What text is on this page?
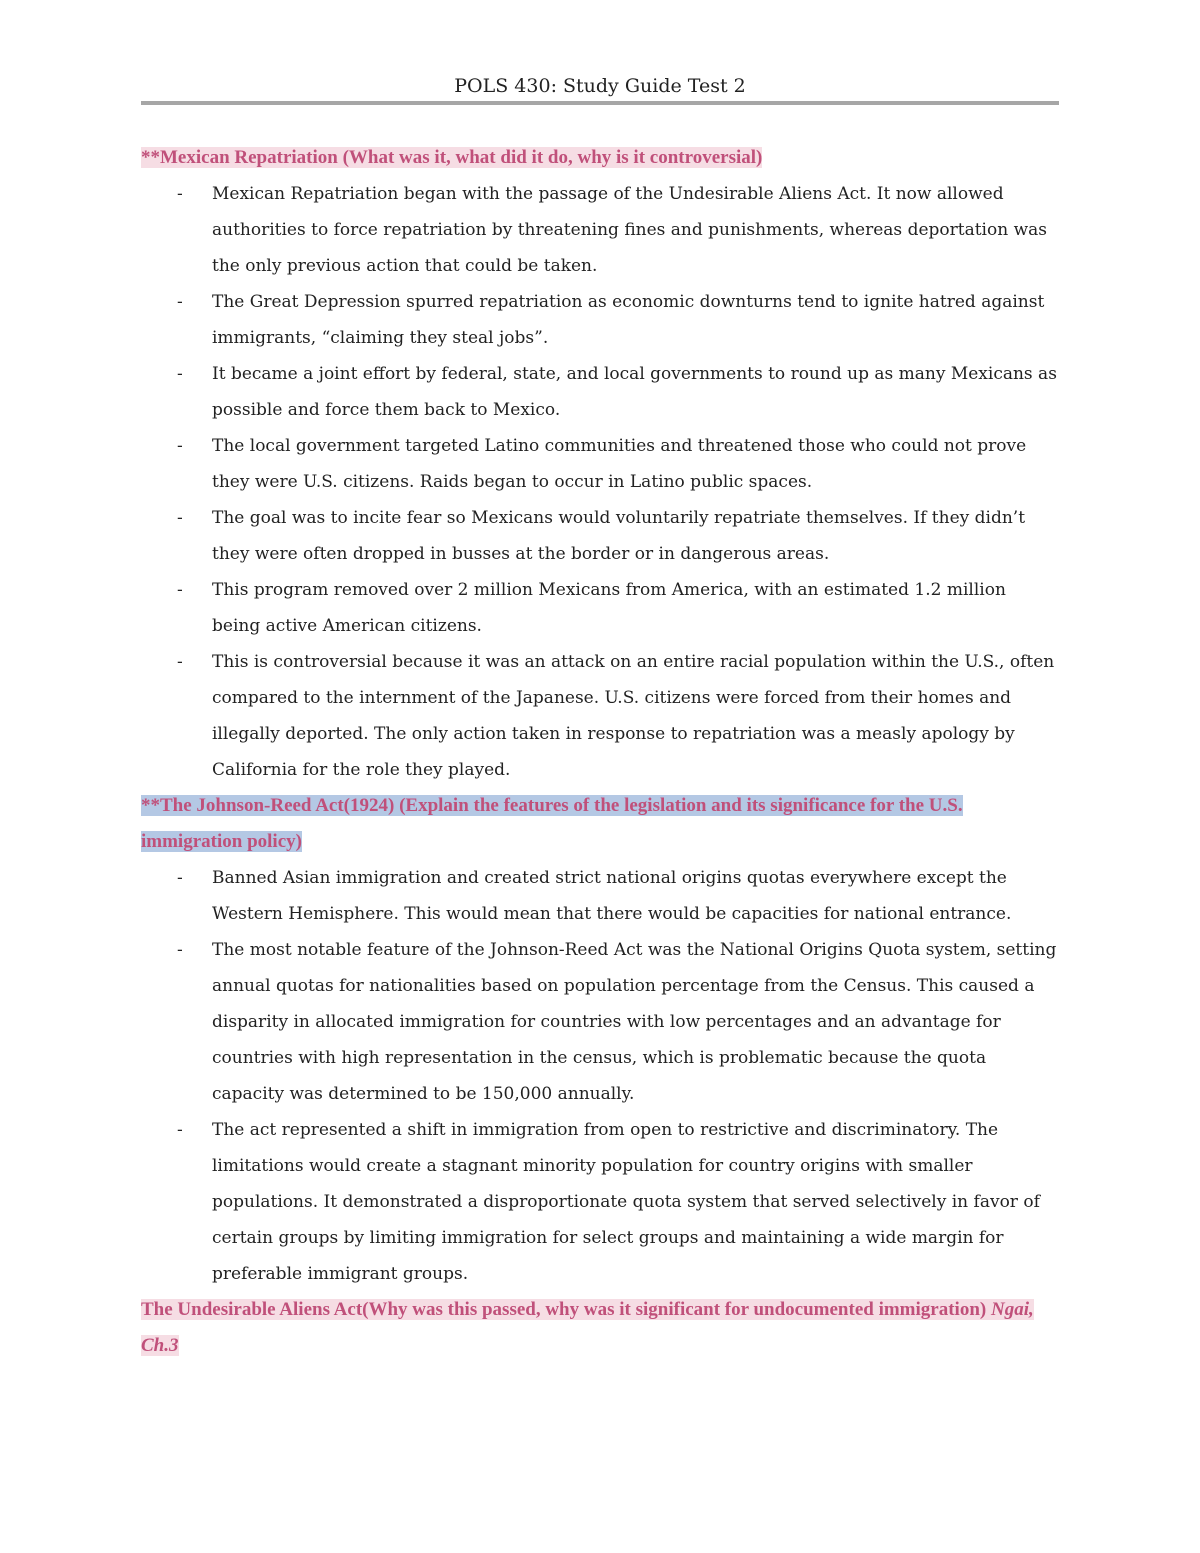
POLS 430: Study Guide Test 2
**Mexican Repatriation (What was it, what did it do, why is it controversial)
- Mexican Repatriation began with the passage of the Undesirable Aliens Act. It now allowed authorities to force repatriation by threatening fines and punishments, whereas deportation was the only previous action that could be taken.
- The Great Depression spurred repatriation as economic downturns tend to ignite hatred against immigrants, “claiming they steal jobs”.
- It became a joint effort by federal, state, and local governments to round up as many Mexicans as possible and force them back to Mexico.
- The local government targeted Latino communities and threatened those who could not prove they were U.S. citizens. Raids began to occur in Latino public spaces.
- The goal was to incite fear so Mexicans would voluntarily repatriate themselves. If they didn’t they were often dropped in busses at the border or in dangerous areas.
- This program removed over 2 million Mexicans from America, with an estimated 1.2 million being active American citizens.
- This is controversial because it was an attack on an entire racial population within the U.S., often compared to the internment of the Japanese. U.S. citizens were forced from their homes and illegally deported. The only action taken in response to repatriation was a measly apology by California for the role they played.
**The Johnson-Reed Act(1924) (Explain the features of the legislation and its significance for the U.S. immigration policy)
- Banned Asian immigration and created strict national origins quotas everywhere except the Western Hemisphere. This would mean that there would be capacities for national entrance.
- The most notable feature of the Johnson-Reed Act was the National Origins Quota system, setting annual quotas for nationalities based on population percentage from the Census. This caused a disparity in allocated immigration for countries with low percentages and an advantage for countries with high representation in the census, which is problematic because the quota capacity was determined to be 150,000 annually.
- The act represented a shift in immigration from open to restrictive and discriminatory. The limitations would create a stagnant minority population for country origins with smaller populations. It demonstrated a disproportionate quota system that served selectively in favor of certain groups by limiting immigration for select groups and maintaining a wide margin for preferable immigrant groups.
The Undesirable Aliens Act(Why was this passed, why was it significant for undocumented immigration) Ngai, Ch.3
